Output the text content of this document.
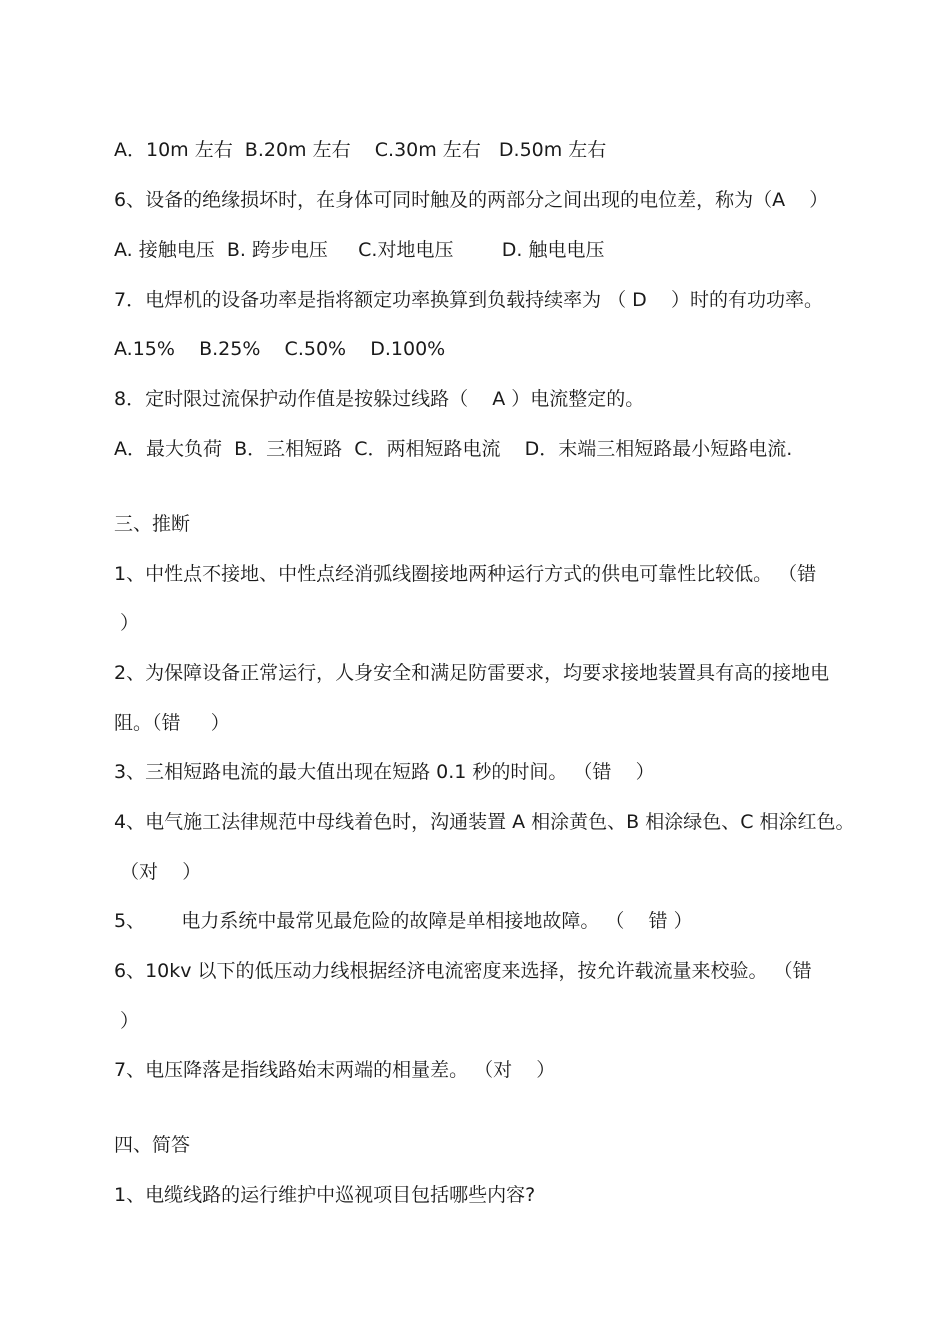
A．10m 左右  B.20m 左右    C.30m 左右   D.50m 左右
6、设备的绝缘损坏时，在身体可同时触及的两部分之间出现的电位差，称为（A    ）
A. 接触电压  B. 跨步电压     C.对地电压        D. 触电电压
7．电焊机的设备功率是指将额定功率换算到负载持续率为 （ D    ）时的有功功率。
A.15%    B.25%    C.50%    D.100%
8．定时限过流保护动作值是按躲过线路（    A ）电流整定的。
A．最大负荷  B．三相短路  C．两相短路电流    D．末端三相短路最小短路电流.
三、推断
1、中性点不接地、中性点经消弧线圈接地两种运行方式的供电可靠性比较低。 （错
）
2、为保障设备正常运行，人身安全和满足防雷要求，均要求接地装置具有高的接地电
阻。（错     ）
3、三相短路电流的最大值出现在短路 0.1 秒的时间。 （错    ）
4、电气施工法律规范中母线着色时，沟通装置 A 相涂黄色、B 相涂绿色、C 相涂红色。
（对    ）
5、      电力系统中最常见最危险的故障是单相接地故障。 （    错 ）
6、10kv 以下的低压动力线根据经济电流密度来选择，按允许载流量来校验。 （错
）
7、电压降落是指线路始末两端的相量差。 （对    ）
四、简答
1、电缆线路的运行维护中巡视项目包括哪些内容?
